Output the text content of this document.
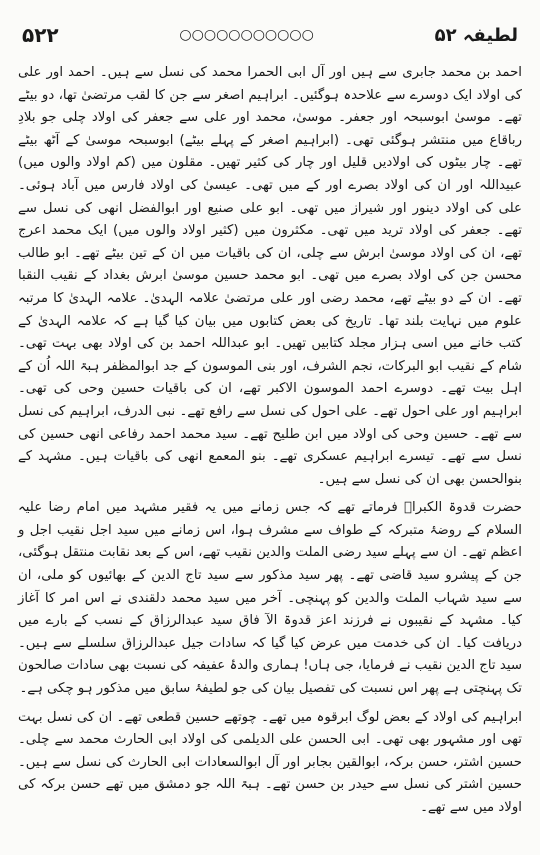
۵۲۲	○○○○○○○○○○○	لطیفہ ۵۲

احمد بن محمد جابری سے ہیں اور آل ابی الحمرا محمد کی نسل سے ہیں۔ احمد اور علی کی اولاد ایک دوسرے سے علاحدہ ہوگئیں۔ ابراہیم اصغر سے جن کا لقب مرتضیٰ تھا، دو بیٹے تھے۔ موسیٰ ابوسبحہ اور جعفر۔ موسیٰ، محمد اور علی سے جعفر کی اولاد چلی جو بلادِ رباقاع میں منتشر ہوگئی تھی۔ (ابراہیم اصغر کے پہلے بیٹے) ابوسبحہ موسیٰ کے آٹھ بیٹے تھے۔ چار بیٹوں کی اولادیں قلیل اور چار کی کثیر تھیں۔ مقلون میں (کم اولاد والوں میں) عبیداللہ اور ان کی اولاد بصرے اور کے میں تھی۔ عیسیٰ کی اولاد فارس میں آباد ہوئی۔ علی کی اولاد دینور اور شیراز میں تھی۔ ابو علی صنیع اور ابوالفضل انھی کی نسل سے تھے۔ جعفر کی اولاد ترید میں تھی۔ مکثرون میں (کثیر اولاد والوں میں) ایک محمد اعرج تھے، ان کی اولاد موسیٰ ابرش سے چلی، ان کی باقیات میں ان کے تین بیٹے تھے۔ ابو طالب محسن جن کی اولاد بصرے میں تھی۔ ابو محمد حسین موسیٰ ابرش بغداد کے نقیب النقبا تھے۔ ان کے دو بیٹے تھے، محمد رضی اور علی مرتضیٰ علامہ الہدیٰ۔ علامہ الہدیٰ کا مرتبہ علوم میں نہایت بلند تھا۔ تاریخ کی بعض کتابوں میں بیان کیا گیا ہے کہ علامہ الہدیٰ کے کتب خانے میں اسی ہزار مجلد کتابیں تھیں۔ ابو عبداللہ احمد بن کی اولاد بھی بہت تھی۔ شام کے نقیب ابو البرکات، نجم الشرف، اور بنی الموسون کے جد ابوالمظفر ہبۃ اللہ اُن کے اہل بیت تھے۔ دوسرے احمد الموسون الاکبر تھے، ان کی باقیات حسین وحی کی تھی۔ ابراہیم اور علی احول تھے۔ علی احول کی نسل سے رافع تھے۔ نبی الدرف، ابراہیم کی نسل سے تھے۔ حسین وحی کی اولاد میں ابن طلیح تھے۔ سید محمد احمد رفاعی انھی حسین کی نسل سے تھے۔ تیسرے ابراہیم عسکری تھے۔ بنو المعمع انھی کی باقیات ہیں۔ مشہد کے بنوالحسن بھی ان کی نسل سے ہیں۔

حضرت قدوۃ الکبراؒ فرماتے تھے کہ جس زمانے میں یہ فقیر مشہد میں امام رضا علیہ السلام کے روضۂ متبرکہ کے طواف سے مشرف ہوا، اس زمانے میں سید اجل نقیب اجل و اعظم تھے۔ ان سے پہلے سید رضی الملت والدین نقیب تھے، اس کے بعد نقابت منتقل ہوگئی، جن کے پیشرو سید قاضی تھے۔ پھر سید مذکور سے سید تاج الدین کے بھائیوں کو ملی، ان سے سید شہاب الملت والدین کو پہنچی۔ آخر میں سید محمد دلقندی نے اس امر کا آغاز کیا۔ مشہد کے نقیبوں نے فرزند اعز قدوۃ الآ فاق سید عبدالرزاق کے نسب کے بارے میں دریافت کیا۔ ان کی خدمت میں عرض کیا گیا کہ سادات جیل عبدالرزاق سلسلے سے ہیں۔ سید تاج الدین نقیب نے فرمایا، جی ہاں! ہماری والدۂ عفیفہ کی نسبت بھی سادات صالحون تک پہنچتی ہے پھر اس نسبت کی تفصیل بیان کی جو لطیفۂ سابق میں مذکور ہو چکی ہے۔

ابراہیم کی اولاد کے بعض لوگ ابرقوہ میں تھے۔ چوتھے حسین قطعی تھے۔ ان کی نسل بہت تھی اور مشہور بھی تھی۔ ابی الحسن علی الدیلمی کی اولاد ابی الحارث محمد سے چلی۔ حسین اشتر، حسن برکہ، ابوالقین بجابر اور آل ابوالسعادات ابی الحارث کی نسل سے ہیں۔ حسین اشتر کی نسل سے حیدر بن حسن تھے۔ ہبۃ اللہ جو دمشق میں تھے حسن برکہ کی اولاد میں سے تھے۔
